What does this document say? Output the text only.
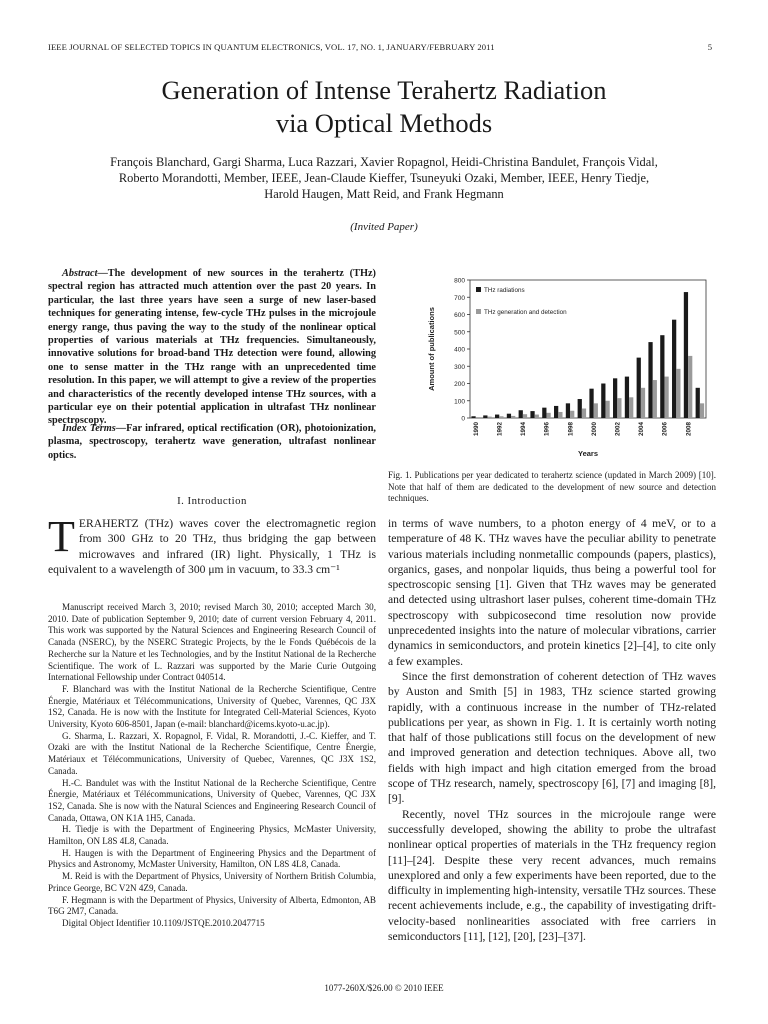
IEEE JOURNAL OF SELECTED TOPICS IN QUANTUM ELECTRONICS, VOL. 17, NO. 1, JANUARY/FEBRUARY 2011	5
Generation of Intense Terahertz Radiation
via Optical Methods
François Blanchard, Gargi Sharma, Luca Razzari, Xavier Ropagnol, Heidi-Christina Bandulet, François Vidal,
Roberto Morandotti, Member, IEEE, Jean-Claude Kieffer, Tsuneyuki Ozaki, Member, IEEE, Henry Tiedje,
Harold Haugen, Matt Reid, and Frank Hegmann
(Invited Paper)

Abstract—The development of new sources in the terahertz (THz) spectral region has attracted much attention over the past 20 years. In particular, the last three years have seen a surge of new laser-based techniques for generating intense, few-cycle THz pulses in the microjoule energy range, thus paving the way to the study of the nonlinear optical properties of various materials at THz frequencies. Simultaneously, innovative solutions for broad-band THz detection were found, allowing one to sense matter in the THz range with an unprecedented time resolution. In this paper, we will attempt to give a review of the properties and characteristics of the recently developed intense THz sources, with a particular eye on their potential application in ultrafast THz nonlinear spectroscopy.

Index Terms—Far infrared, optical rectification (OR), photoionization, plasma, spectroscopy, terahertz wave generation, ultrafast nonlinear optics.

I. Introduction

TERAHERTZ (THz) waves cover the electromagnetic region from 300 GHz to 20 THz, thus bridging the gap between microwaves and infrared (IR) light. Physically, 1 THz is equivalent to a wavelength of 300 μm in vacuum, to 33.3 cm⁻¹

Manuscript received March 3, 2010; revised March 30, 2010; accepted March 30, 2010. Date of publication September 9, 2010; date of current version February 4, 2011. This work was supported by the Natural Sciences and Engineering Research Council of Canada (NSERC), by the NSERC Strategic Projects, by the le Fonds Québécois de la Recherche sur la Nature et les Technologies, and by the Institut National de la Recherche Scientifique. The work of L. Razzari was supported by the Marie Curie Outgoing International Fellowship under Contract 040514.

F. Blanchard was with the Institut National de la Recherche Scientifique, Centre Énergie, Matériaux et Télécommunications, University of Quebec, Varennes, QC J3X 1S2, Canada. He is now with the Institute for Integrated Cell-Material Sciences, Kyoto University, Kyoto 606-8501, Japan (e-mail: blanchard@icems.kyoto-u.ac.jp).

G. Sharma, L. Razzari, X. Ropagnol, F. Vidal, R. Morandotti, J.-C. Kieffer, and T. Ozaki are with the Institut National de la Recherche Scientifique, Centre Énergie, Matériaux et Télécommunications, University of Quebec, Varennes, QC J3X 1S2, Canada.

H.-C. Bandulet was with the Institut National de la Recherche Scientifique, Centre Énergie, Matériaux et Télécommunications, University of Quebec, Varennes, QC J3X 1S2, Canada. She is now with the Natural Sciences and Engineering Research Council of Canada, Ottawa, ON K1A 1H5, Canada.

H. Tiedje is with the Department of Engineering Physics, McMaster University, Hamilton, ON L8S 4L8, Canada.

H. Haugen is with the Department of Engineering Physics and the Department of Physics and Astronomy, McMaster University, Hamilton, ON L8S 4L8, Canada.

M. Reid is with the Department of Physics, University of Northern British Columbia, Prince George, BC V2N 4Z9, Canada.

F. Hegmann is with the Department of Physics, University of Alberta, Edmonton, AB T6G 2M7, Canada.

Digital Object Identifier 10.1109/JSTQE.2010.2047715

0
100
200
300
400
500
600
700
800
1990	1992	1994	1996	1998	2000	2002	2004	2006	2008
Years
Amount of publications
THz radiations
THz generation and detection
Fig. 1. Publications per year dedicated to terahertz science (updated in March 2009) [10]. Note that half of them are dedicated to the development of new source and detection techniques.

in terms of wave numbers, to a photon energy of 4 meV, or to a temperature of 48 K. THz waves have the peculiar ability to penetrate various materials including nonmetallic compounds (papers, plastics), organics, gases, and nonpolar liquids, thus being a powerful tool for spectroscopic sensing [1]. Given that THz waves may be generated and detected using ultrashort laser pulses, coherent time-domain THz spectroscopy with subpicosecond time resolution now provide unprecedented insights into the nature of molecular vibrations, carrier dynamics in semiconductors, and protein kinetics [2]–[4], to cite only a few examples.

Since the first demonstration of coherent detection of THz waves by Auston and Smith [5] in 1983, THz science started growing rapidly, with a continuous increase in the number of THz-related publications per year, as shown in Fig. 1. It is certainly worth noting that half of those publications still focus on the development of new and improved generation and detection techniques. Above all, two fields with high impact and high citation emerged from the broad scope of THz research, namely, spectroscopy [6], [7] and imaging [8], [9].

Recently, novel THz sources in the microjoule range were successfully developed, showing the ability to probe the ultrafast nonlinear optical properties of materials in the THz frequency region [11]–[24]. Despite these very recent advances, much remains unexplored and only a few experiments have been reported, due to the difficulty in implementing high-intensity, versatile THz sources. These recent achievements include, e.g., the capability of investigating drift-velocity-based nonlinearities associated with free carriers in semiconductors [11], [12], [20], [23]–[37].

1077-260X/$26.00 © 2010 IEEE
